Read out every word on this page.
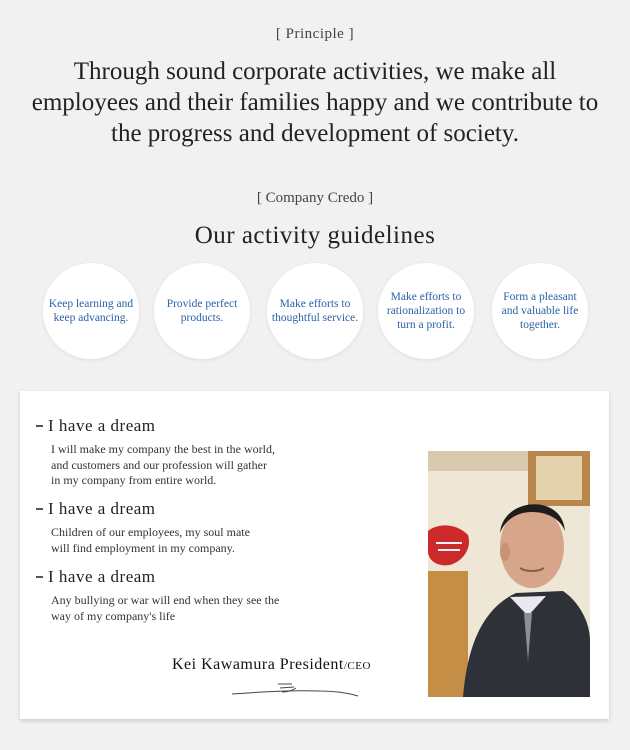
[ Principle ]
Through sound corporate activities, we make all employees and their families happy and we contribute to the progress and development of society.
[ Company Credo ]
Our activity guidelines
Keep learning and keep advancing.
Provide perfect products.
Make efforts to thoughtful service.
Make efforts to rationalization to turn a profit.
Form a pleasant and valuable life together.
I have a dream
I will make my company the best in the world,
and customers and our profession will gather
in my company from entire world.
I have a dream
Children of our employees, my soul mate
will find employment in my company.
I have a dream
Any bullying or war will end when they see the
way of my company's life
Kei Kawamura President/CEO
